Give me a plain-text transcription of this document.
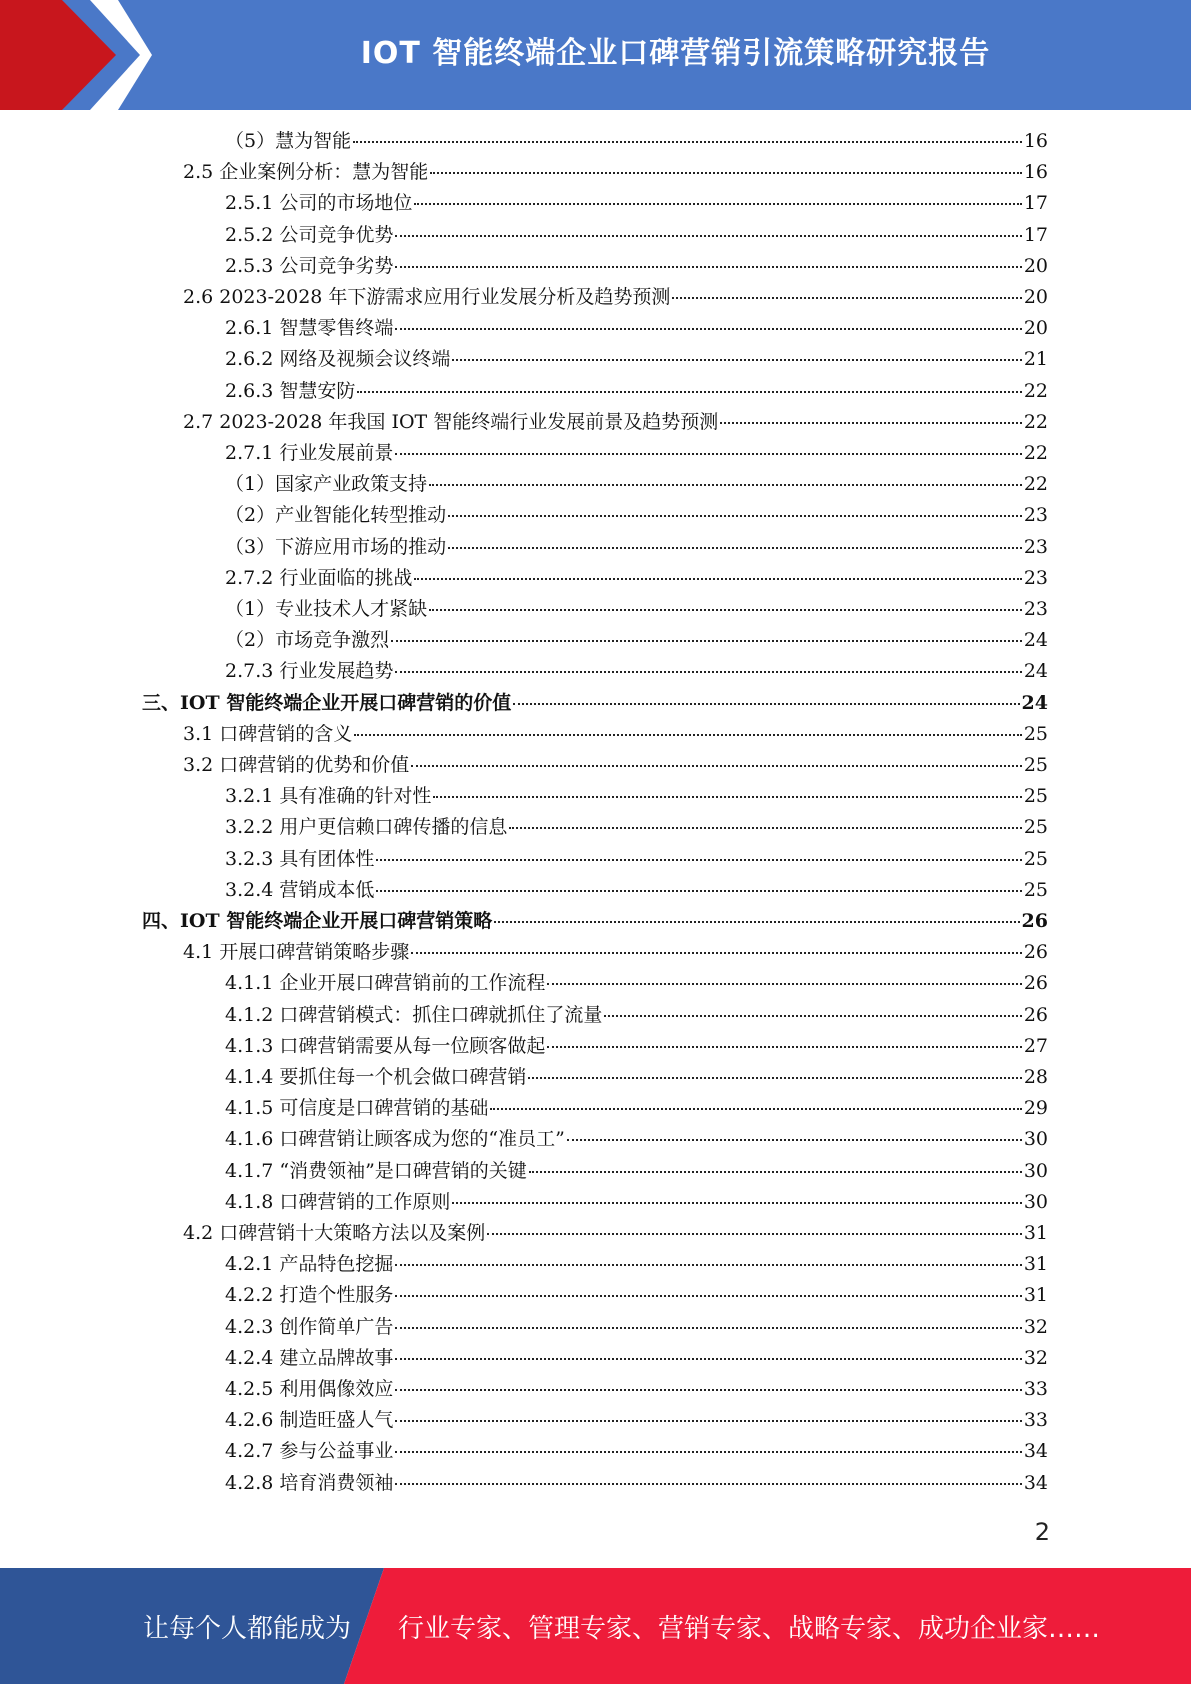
IOT 智能终端企业口碑营销引流策略研究报告
（5）慧为智能	16
2.5 企业案例分析：慧为智能	16
2.5.1 公司的市场地位	17
2.5.2 公司竞争优势	17
2.5.3 公司竞争劣势	20
2.6 2023-2028 年下游需求应用行业发展分析及趋势预测	20
2.6.1 智慧零售终端	20
2.6.2 网络及视频会议终端	21
2.6.3 智慧安防	22
2.7 2023-2028 年我国 IOT 智能终端行业发展前景及趋势预测	22
2.7.1 行业发展前景	22
（1）国家产业政策支持	22
（2）产业智能化转型推动	23
（3）下游应用市场的推动	23
2.7.2 行业面临的挑战	23
（1）专业技术人才紧缺	23
（2）市场竞争激烈	24
2.7.3 行业发展趋势	24
三、IOT 智能终端企业开展口碑营销的价值	24
3.1 口碑营销的含义	25
3.2 口碑营销的优势和价值	25
3.2.1 具有准确的针对性	25
3.2.2 用户更信赖口碑传播的信息	25
3.2.3 具有团体性	25
3.2.4 营销成本低	25
四、IOT 智能终端企业开展口碑营销策略	26
4.1 开展口碑营销策略步骤	26
4.1.1 企业开展口碑营销前的工作流程	26
4.1.2 口碑营销模式：抓住口碑就抓住了流量	26
4.1.3 口碑营销需要从每一位顾客做起	27
4.1.4 要抓住每一个机会做口碑营销	28
4.1.5 可信度是口碑营销的基础	29
4.1.6 口碑营销让顾客成为您的“准员工”	30
4.1.7 “消费领袖”是口碑营销的关键	30
4.1.8 口碑营销的工作原则	30
4.2 口碑营销十大策略方法以及案例	31
4.2.1 产品特色挖掘	31
4.2.2 打造个性服务	31
4.2.3 创作简单广告	32
4.2.4 建立品牌故事	32
4.2.5 利用偶像效应	33
4.2.6 制造旺盛人气	33
4.2.7 参与公益事业	34
4.2.8 培育消费领袖	34
2
让每个人都能成为 行业专家、管理专家、营销专家、战略专家、成功企业家……
